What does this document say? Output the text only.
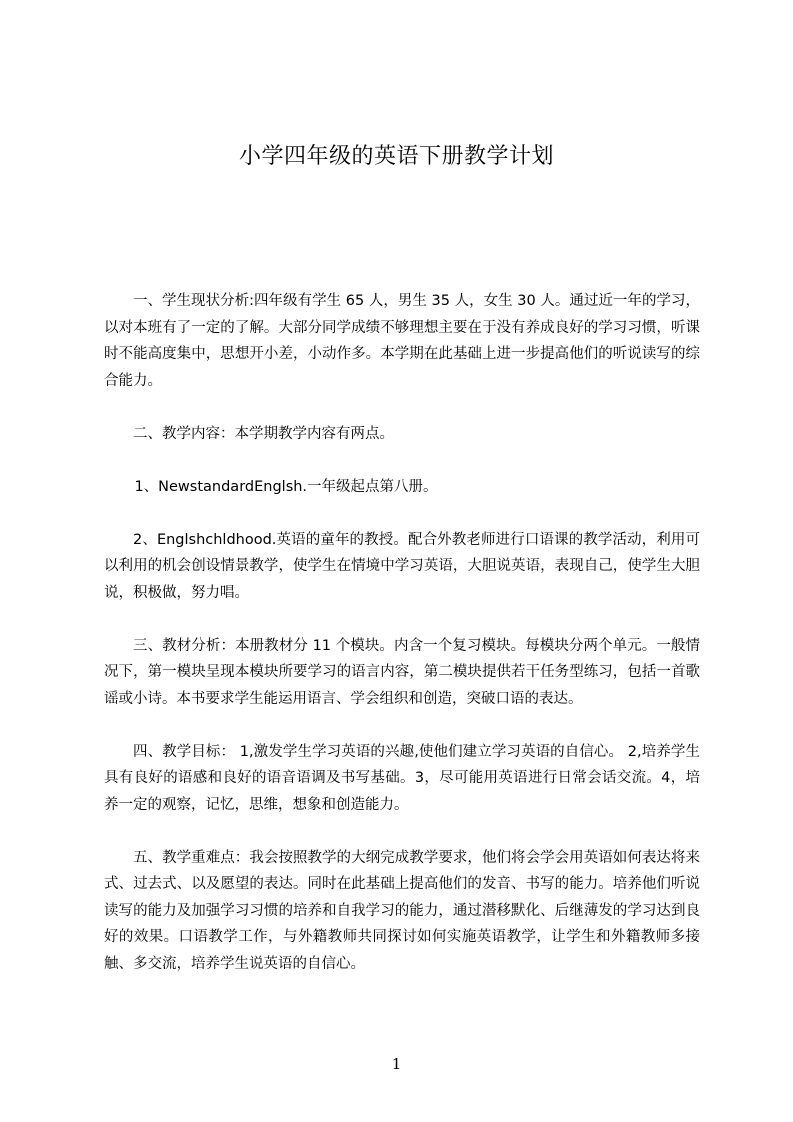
小学四年级的英语下册教学计划

一、学生现状分析:四年级有学生 65 人，男生 35 人，女生 30 人。通过近一年的学习，以对本班有了一定的了解。大部分同学成绩不够理想主要在于没有养成良好的学习习惯，听课时不能高度集中，思想开小差，小动作多。本学期在此基础上进一步提高他们的听说读写的综合能力。

二、教学内容：本学期教学内容有两点。

1、NewstandardEnglsh.一年级起点第八册。

2、Englshchldhood.英语的童年的教授。配合外教老师进行口语课的教学活动，利用可以利用的机会创设情景教学，使学生在情境中学习英语，大胆说英语，表现自己，使学生大胆说，积极做，努力唱。

三、教材分析：本册教材分 11 个模块。内含一个复习模块。每模块分两个单元。一般情况下，第一模块呈现本模块所要学习的语言内容，第二模块提供若干任务型练习，包括一首歌谣或小诗。本书要求学生能运用语言、学会组织和创造，突破口语的表达。

四、教学目标： 1,激发学生学习英语的兴趣,使他们建立学习英语的自信心。 2,培养学生具有良好的语感和良好的语音语调及书写基础。3，尽可能用英语进行日常会话交流。4，培养一定的观察，记忆，思维，想象和创造能力。

五、教学重难点：我会按照教学的大纲完成教学要求，他们将会学会用英语如何表达将来式、过去式、以及愿望的表达。同时在此基础上提高他们的发音、书写的能力。培养他们听说读写的能力及加强学习习惯的培养和自我学习的能力，通过潜移默化、后继薄发的学习达到良好的效果。口语教学工作，与外籍教师共同探讨如何实施英语教学，让学生和外籍教师多接触、多交流，培养学生说英语的自信心。

1
